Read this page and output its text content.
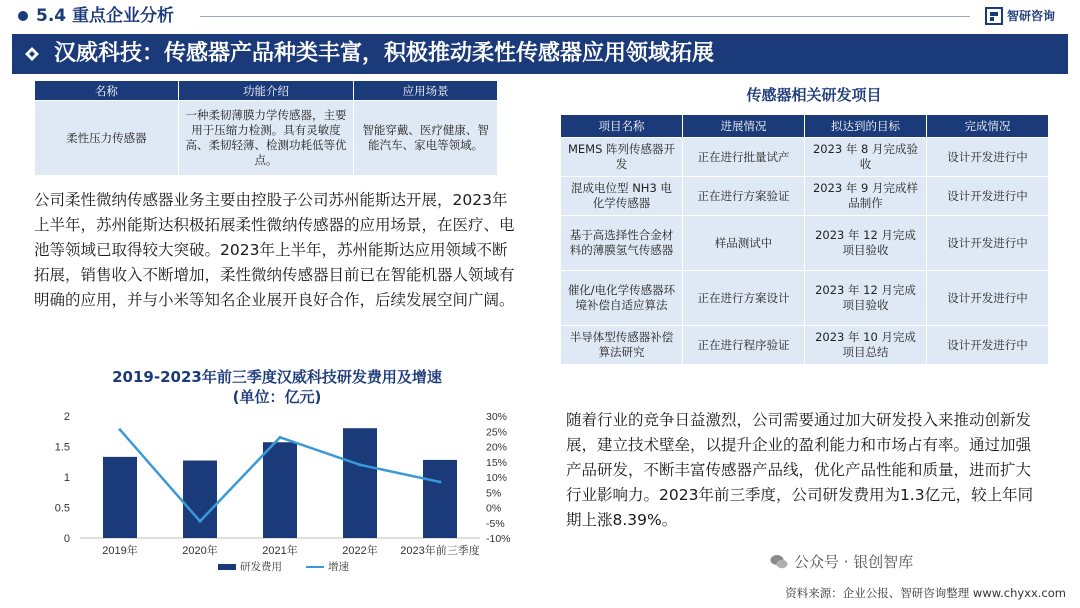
5.4 重点企业分析	智研咨询
汉威科技：传感器产品种类丰富，积极推动柔性传感器应用领域拓展
名称	功能介绍	应用场景
柔性压力传感器	一种柔韧薄膜力学传感器，主要用于压缩力检测。具有灵敏度高、柔韧轻薄、检测功耗低等优点。	智能穿戴、医疗健康、智能汽车、家电等领域。
公司柔性微纳传感器业务主要由控股子公司苏州能斯达开展，2023年上半年，苏州能斯达积极拓展柔性微纳传感器的应用场景，在医疗、电池等领域已取得较大突破。2023年上半年，苏州能斯达应用领域不断拓展，销售收入不断增加，柔性微纳传感器目前已在智能机器人领域有明确的应用，并与小米等知名企业展开良好合作，后续发展空间广阔。
2019-2023年前三季度汉威科技研发费用及增速
(单位：亿元)
0
0.5
1
1.5
2
-10%
-5%
0%
5%
10%
15%
20%
25%
30%
2019年	2020年	2021年	2022年 2023年前三季度
研发费用	增速
传感器相关研发项目
项目名称	进展情况	拟达到的目标	完成情况
MEMS 阵列传感器开发	正在进行批量试产	2023 年 8 月完成验收	设计开发进行中
混成电位型 NH3 电化学传感器	正在进行方案验证	2023 年 9 月完成样品制作	设计开发进行中
基于高选择性合金材料的薄膜氢气传感器	样品测试中	2023 年 12 月完成项目验收	设计开发进行中
催化/电化学传感器环境补偿自适应算法	正在进行方案设计	2023 年 12 月完成项目验收	设计开发进行中
半导体型传感器补偿算法研究	正在进行程序验证	2023 年 10 月完成项目总结	设计开发进行中
随着行业的竞争日益激烈，公司需要通过加大研发投入来推动创新发展，建立技术壁垒，以提升企业的盈利能力和市场占有率。通过加强产品研发，不断丰富传感器产品线，优化产品性能和质量，进而扩大行业影响力。2023年前三季度，公司研发费用为1.3亿元，较上年同期上涨8.39%。
公众号 · 银创智库
资料来源：企业公报、智研咨询整理 www.chyxx.com
